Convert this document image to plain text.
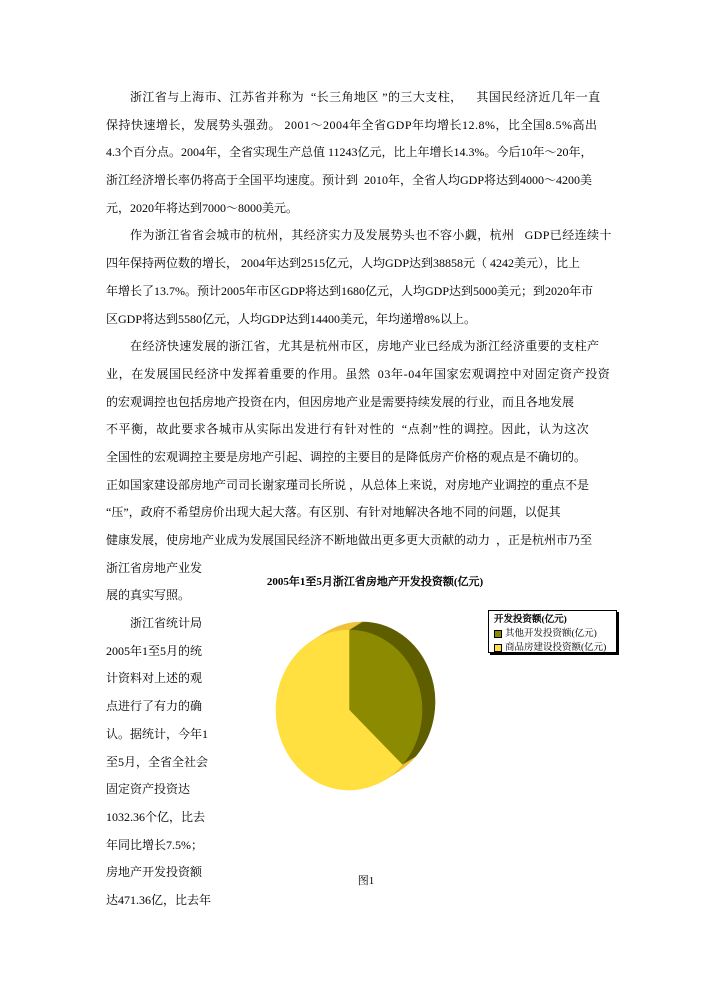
浙江省与上海市、江苏省并称为  “长三角地区 ”的三大支柱，    其国民经济近几年一直
保持快速增长，发展势头强劲。 2001～2004年全省GDP年均增长12.8%，比全国8.5%高出
4.3个百分点。2004年，全省实现生产总值 11243亿元，比上年增长14.3%。今后10年～20年，
浙江经济增长率仍将高于全国平均速度。预计到  2010年，全省人均GDP将达到4000～4200美
元，2020年将达到7000～8000美元。
作为浙江省省会城市的杭州，其经济实力及发展势头也不容小觑，杭州   GDP已经连续十
四年保持两位数的增长， 2004年达到2515亿元，人均GDP达到38858元（ 4242美元），比上
年增长了13.7%。预计2005年市区GDP将达到1680亿元，人均GDP达到5000美元；到2020年市
区GDP将达到5580亿元，人均GDP达到14400美元，年均递增8%以上。
在经济快速发展的浙江省，尤其是杭州市区，房地产业已经成为浙江经济重要的支柱产
业，在发展国民经济中发挥着重要的作用。虽然  03年-04年国家宏观调控中对固定资产投资
的宏观调控也包括房地产投资在内，但因房地产业是需要持续发展的行业，而且各地发展
不平衡，故此要求各城市从实际出发进行有针对性的  “点刹”性的调控。因此，认为这次
全国性的宏观调控主要是房地产引起、调控的主要目的是降低房产价格的观点是不确切的。
正如国家建设部房地产司司长谢家瑾司长所说 ，从总体上来说，对房地产业调控的重点不是
“压”，政府不希望房价出现大起大落。有区别、有针对地解决各地不同的问题，以促其
健康发展，使房地产业成为发展国民经济不断地做出更多更大贡献的动力  ，正是杭州市乃至
浙江省房地产业发
展的真实写照。
浙江省统计局
2005年1至5月的统
计资料对上述的观
点进行了有力的确
认。据统计，今年1
至5月，全省全社会
固定资产投资达
1032.36个亿，比去
年同比增长7.5%；
房地产开发投资额
达471.36亿，比去年
2005年1至5月浙江省房地产开发投资额(亿元)
开发投资额(亿元)
其他开发投资额(亿元)
商品房建设投资额(亿元)
图1
